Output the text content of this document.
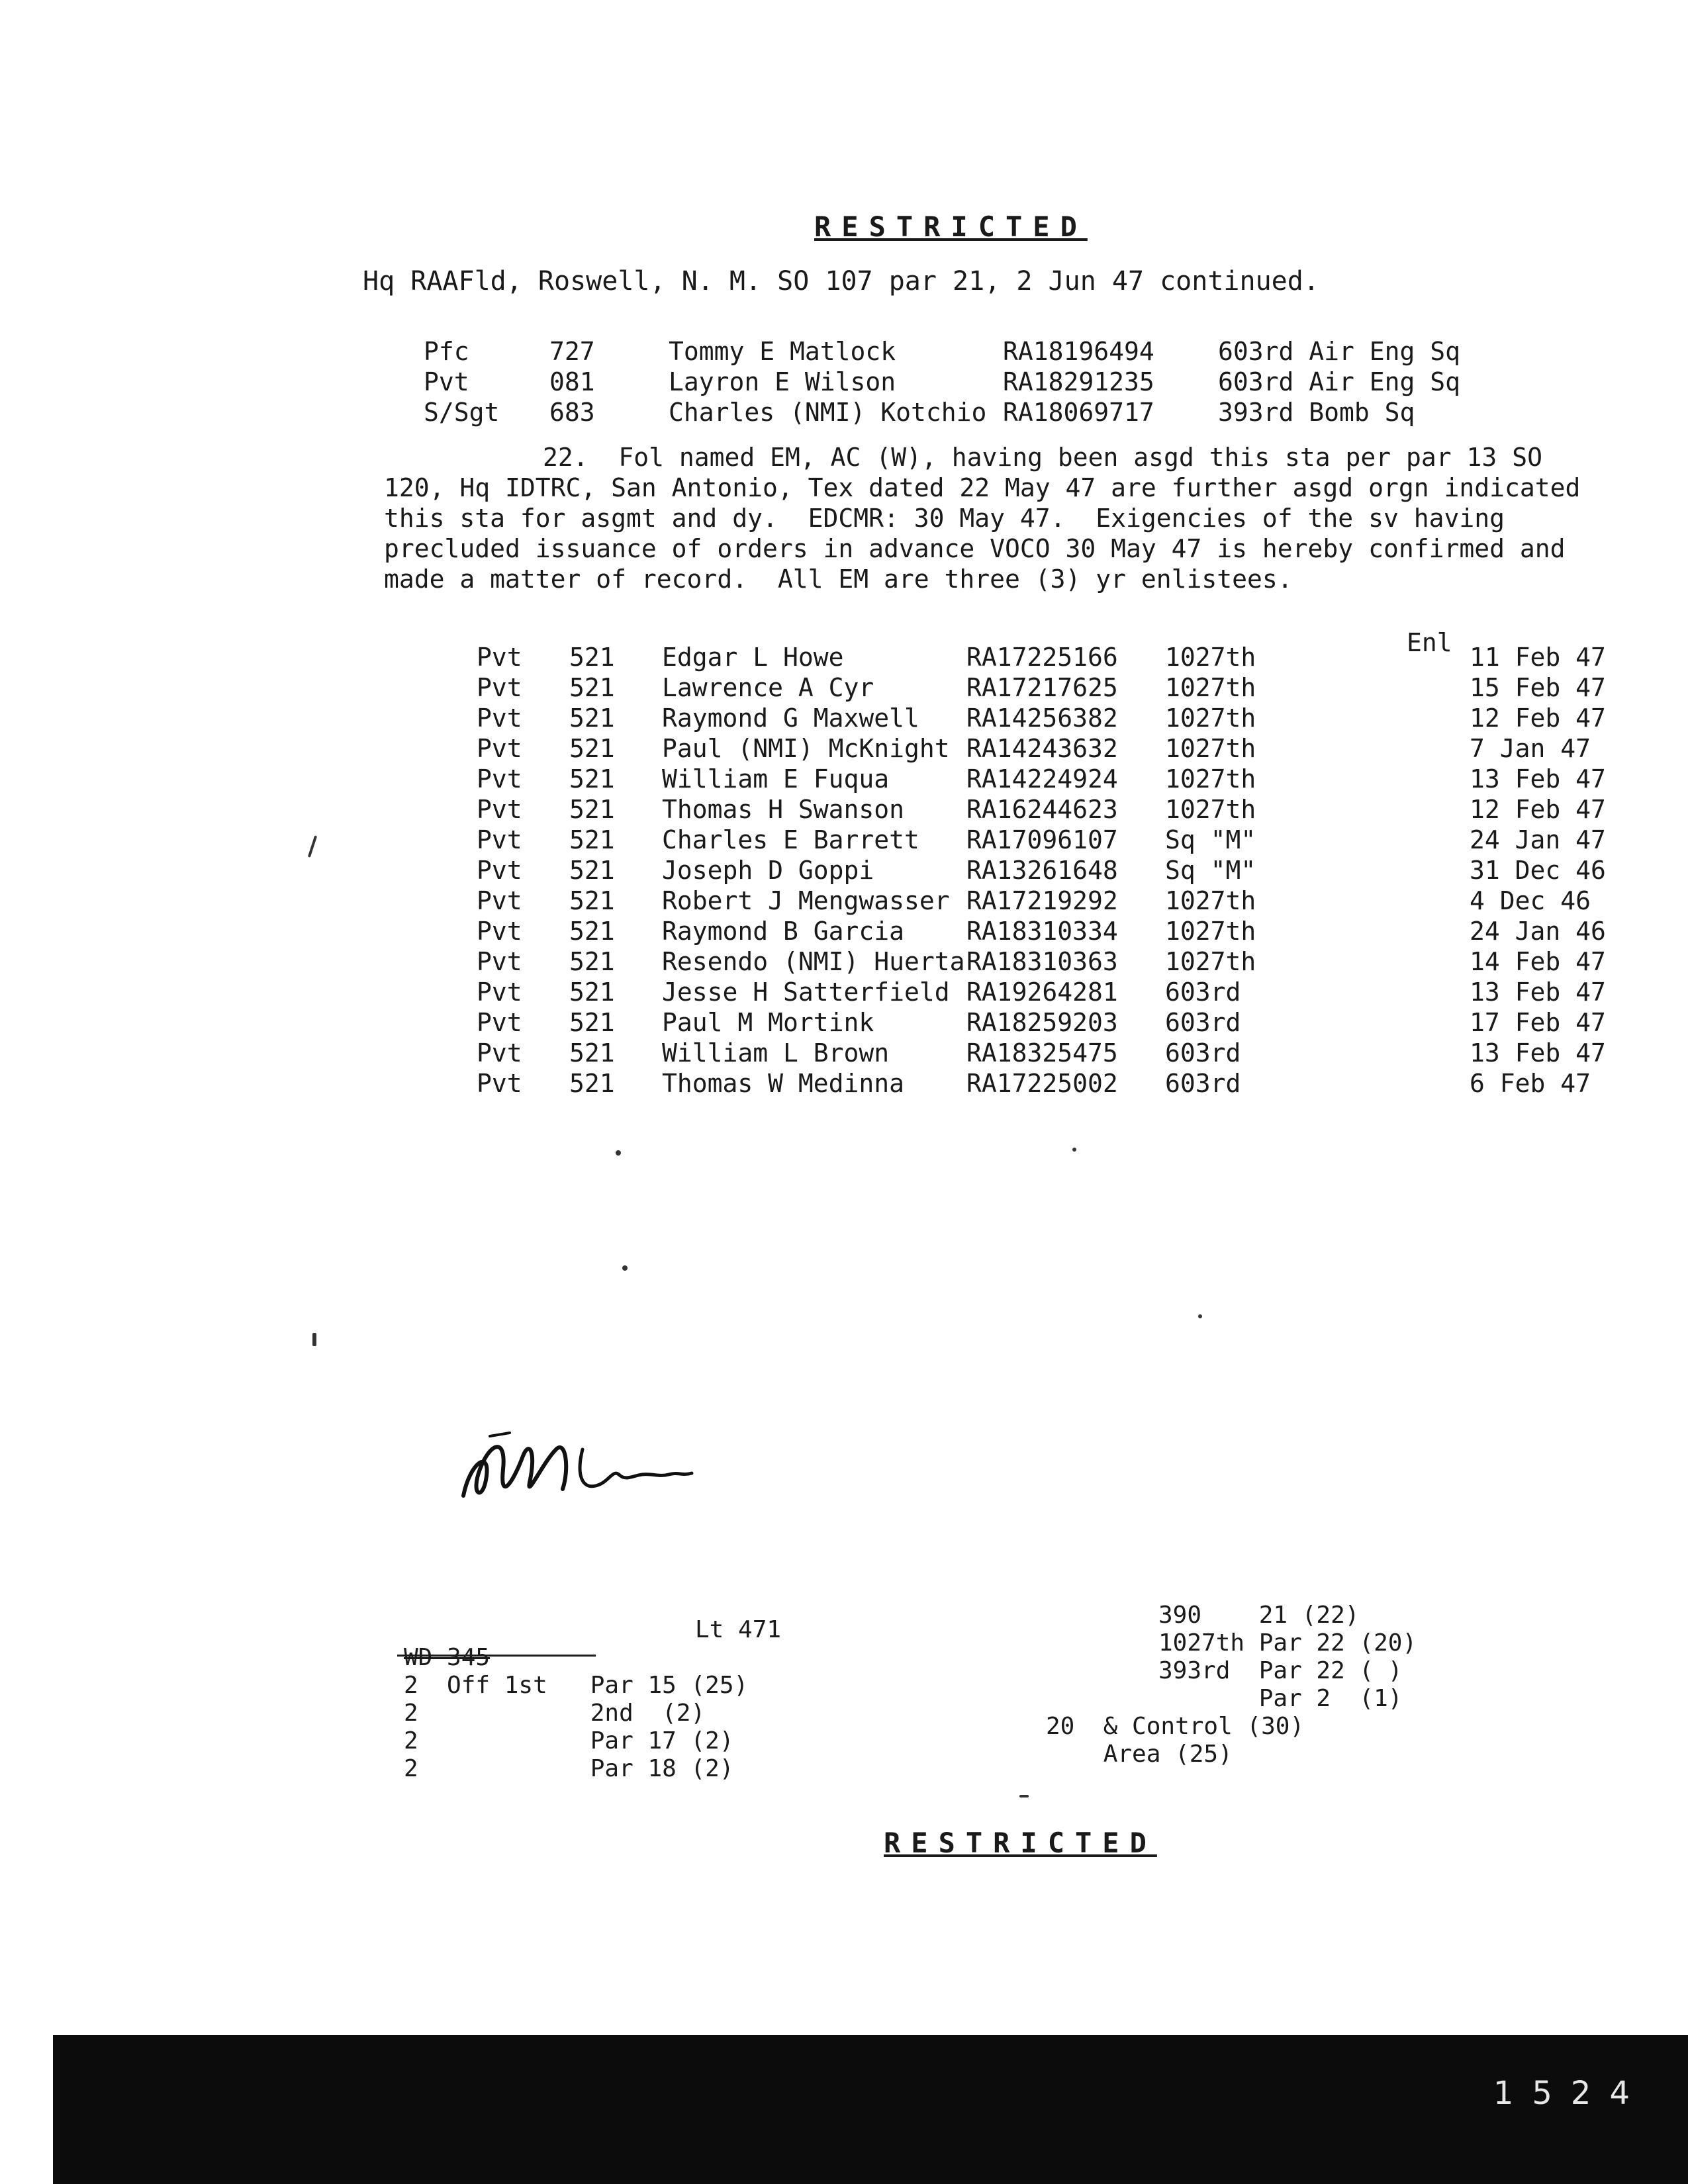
RESTRICTED
Hq RAAFld, Roswell, N. M. SO 107 par 21, 2 Jun 47 continued.
Pfc	727	Tommy E Matlock	RA18196494	603rd Air Eng Sq
Pvt	081	Layron E Wilson	RA18291235	603rd Air Eng Sq
S/Sgt 683	Charles (NMI) Kotchio RA18069717	393rd Bomb Sq

22.  Fol named EM, AC (W), having been asgd this sta per par 13 SO

120, Hq IDTRC, San Antonio, Tex dated 22 May 47 are further asgd orgn indicated

this sta for asgmt and dy.  EDCMR: 30 May 47.  Exigencies of the sv having

precluded issuance of orders in advance VOCO 30 May 47 is hereby confirmed and

made a matter of record.  All EM are three (3) yr enlistees.

Enl
Pvt 521 Edgar L Howe	RA17225166 1027th	11 Feb 47
Pvt 521 Lawrence A Cyr	RA17217625 1027th	15 Feb 47
Pvt 521 Raymond G Maxwell RA14256382 1027th	12 Feb 47
Pvt 521 Paul (NMI) McKnight RA14243632 1027th	7 Jan 47
Pvt 521 William E Fuqua	RA14224924 1027th	13 Feb 47
Pvt 521 Thomas H Swanson RA16244623 1027th	12 Feb 47
Pvt 521 Charles E Barrett RA17096107 Sq "M"	24 Jan 47
Pvt 521 Joseph D Goppi	RA13261648 Sq "M"	31 Dec 46
Pvt 521 Robert J Mengwasser RA17219292 1027th	4 Dec 46
Pvt 521 Raymond B Garcia RA18310334 1027th	24 Jan 46
Pvt 521 Resendo (NMI) Huerta RA18310363 1027th	14 Feb 47
Pvt 521 Jesse H Satterfield RA19264281 603rd	13 Feb 47
Pvt 521 Paul M Mortink	RA18259203 603rd	17 Feb 47
Pvt 521 William L Brown	RA18325475 603rd	13 Feb 47
Pvt 521 Thomas W Medinna RA17225002 603rd	6 Feb 47
Lt 471
WD 345
2  Off 1st   Par 15 (25)
2            2nd  (2)
2            Par 17 (2)
2            Par 18 (2)
390    21 (22)
1027th Par 22 (20)
393rd  Par 22 ( )
Par 2  (1)
20  & Control (30)
Area (25)
RESTRICTED
1524
